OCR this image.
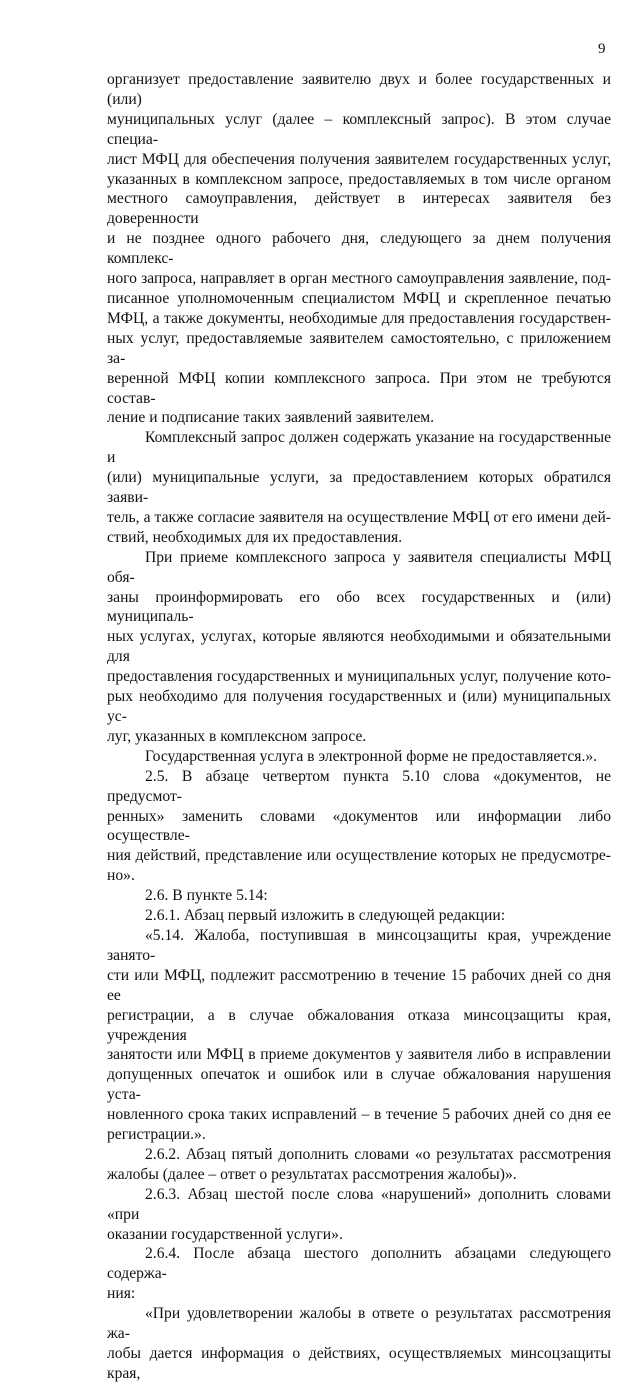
9

организует предоставление заявителю двух и более государственных и (или)

муниципальных услуг (далее – комплексный запрос). В этом случае специа-

лист МФЦ для обеспечения получения заявителем государственных услуг,

указанных в комплексном запросе, предоставляемых в том числе органом

местного самоуправления, действует в интересах заявителя без доверенности

и не позднее одного рабочего дня, следующего за днем получения комплекс-

ного запроса, направляет в орган местного самоуправления заявление, под-

писанное уполномоченным специалистом МФЦ и скрепленное печатью

МФЦ, а также документы, необходимые для предоставления государствен-

ных услуг, предоставляемые заявителем самостоятельно, с приложением за-

веренной МФЦ копии комплексного запроса. При этом не требуются состав-

ление и подписание таких заявлений заявителем.

Комплексный запрос должен содержать указание на государственные и

(или) муниципальные услуги, за предоставлением которых обратился заяви-

тель, а также согласие заявителя на осуществление МФЦ от его имени дей-

ствий, необходимых для их предоставления.

При приеме комплексного запроса у заявителя специалисты МФЦ обя-

заны проинформировать его обо всех государственных и (или) муниципаль-

ных услугах, услугах, которые являются необходимыми и обязательными для

предоставления государственных и муниципальных услуг, получение кото-

рых необходимо для получения государственных и (или) муниципальных ус-

луг, указанных в комплексном запросе.

Государственная услуга в электронной форме не предоставляется.».

2.5. В абзаце четвертом пункта 5.10 слова «документов, не предусмот-

ренных» заменить словами «документов или информации либо осуществле-

ния действий, представление или осуществление которых не предусмотре-

но».

2.6. В пункте 5.14:

2.6.1. Абзац первый изложить в следующей редакции:

«5.14. Жалоба, поступившая в минсоцзащиты края, учреждение занято-

сти или МФЦ, подлежит рассмотрению в течение 15 рабочих дней со дня ее

регистрации, а в случае обжалования отказа минсоцзащиты края, учреждения

занятости или МФЦ в приеме документов у заявителя либо в исправлении

допущенных опечаток и ошибок или в случае обжалования нарушения уста-

новленного срока таких исправлений – в течение 5 рабочих дней со дня ее

регистрации.».

2.6.2. Абзац пятый дополнить словами «о результатах рассмотрения

жалобы (далее – ответ о результатах рассмотрения жалобы)».

2.6.3. Абзац шестой после слова «нарушений» дополнить словами «при

оказании государственной услуги».

2.6.4. После абзаца шестого дополнить абзацами следующего содержа-

ния:

«При удовлетворении жалобы в ответе о результатах рассмотрения жа-

лобы дается информация о действиях, осуществляемых минсоцзащиты края,
